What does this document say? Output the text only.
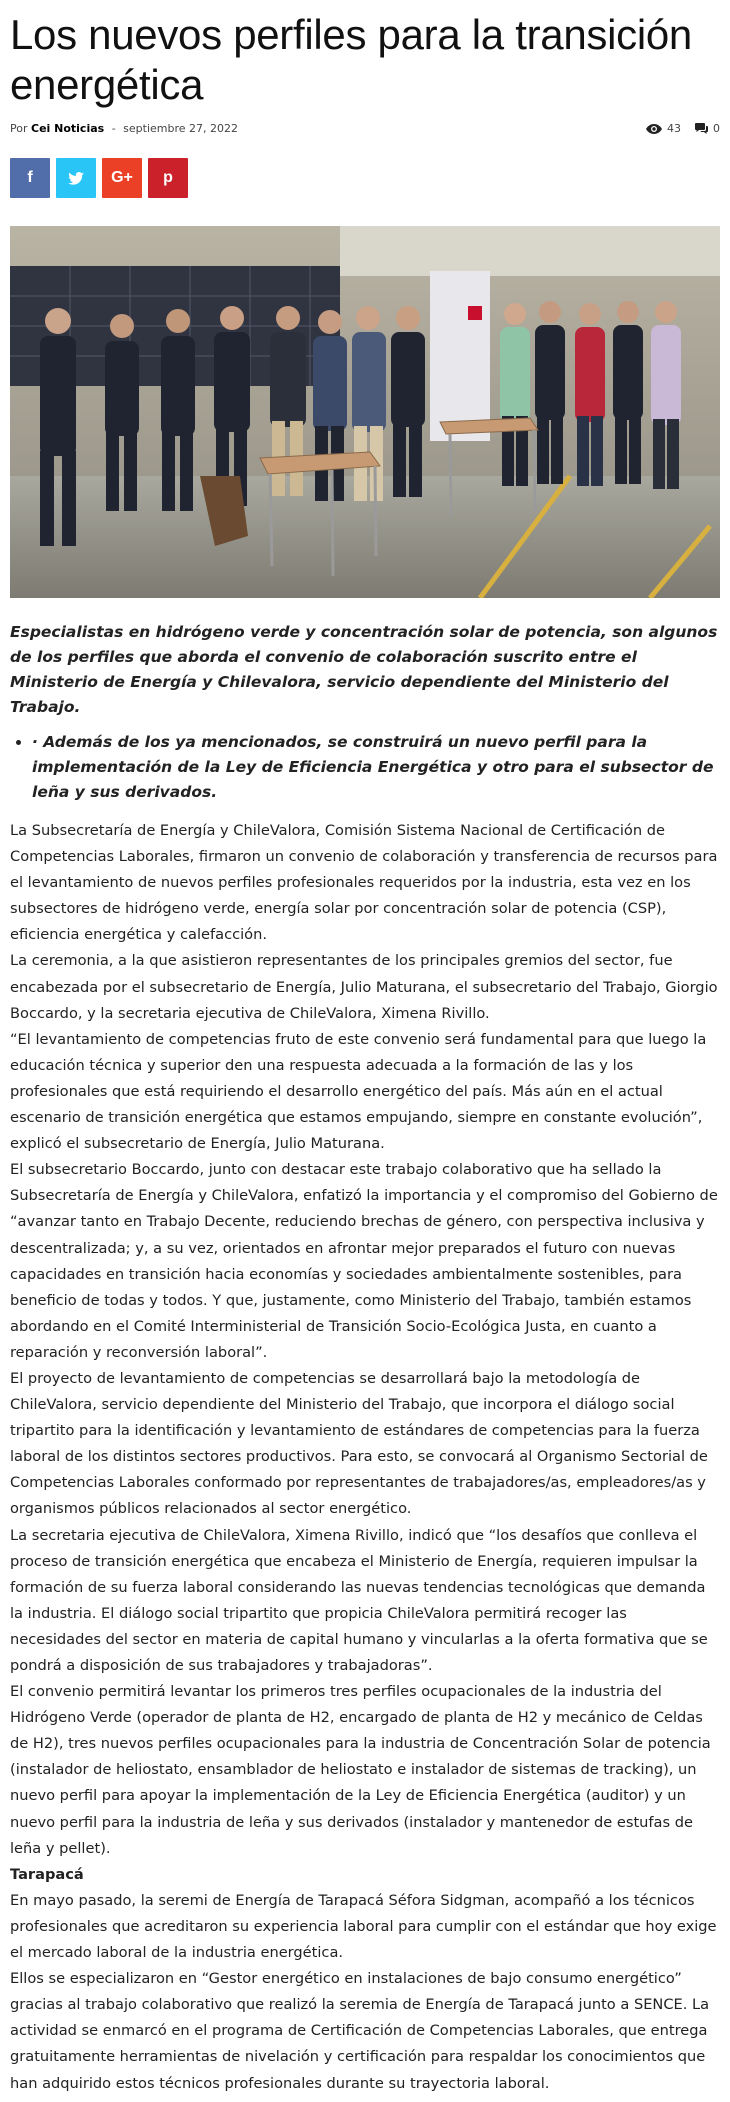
Los nuevos perfiles para la transición energética
Por Cei Noticias - septiembre 27, 2022	43	0
f	G+ p

Especialistas en hidrógeno verde y concentración solar de potencia, son algunos de los perfiles que aborda el convenio de colaboración suscrito entre el Ministerio de Energía y Chilevalora, servicio dependiente del Ministerio del Trabajo.

• · Además de los ya mencionados, se construirá un nuevo perfil para la implementación de la Ley de Eficiencia Energética y otro para el subsector de leña y sus derivados.

La Subsecretaría de Energía y ChileValora, Comisión Sistema Nacional de Certificación de Competencias Laborales, firmaron un convenio de colaboración y transferencia de recursos para el levantamiento de nuevos perfiles profesionales requeridos por la industria, esta vez en los subsectores de hidrógeno verde, energía solar por concentración solar de potencia (CSP), eficiencia energética y calefacción.

La ceremonia, a la que asistieron representantes de los principales gremios del sector, fue encabezada por el subsecretario de Energía, Julio Maturana, el subsecretario del Trabajo, Giorgio Boccardo, y la secretaria ejecutiva de ChileValora, Ximena Rivillo.

“El levantamiento de competencias fruto de este convenio será fundamental para que luego la educación técnica y superior den una respuesta adecuada a la formación de las y los profesionales que está requiriendo el desarrollo energético del país. Más aún en el actual escenario de transición energética que estamos empujando, siempre en constante evolución”, explicó el subsecretario de Energía, Julio Maturana.

El subsecretario Boccardo, junto con destacar este trabajo colaborativo que ha sellado la Subsecretaría de Energía y ChileValora, enfatizó la importancia y el compromiso del Gobierno de “avanzar tanto en Trabajo Decente, reduciendo brechas de género, con perspectiva inclusiva y descentralizada; y, a su vez, orientados en afrontar mejor preparados el futuro con nuevas capacidades en transición hacia economías y sociedades ambientalmente sostenibles, para beneficio de todas y todos. Y que, justamente, como Ministerio del Trabajo, también estamos abordando en el Comité Interministerial de Transición Socio-Ecológica Justa, en cuanto a reparación y reconversión laboral”.

El proyecto de levantamiento de competencias se desarrollará bajo la metodología de ChileValora, servicio dependiente del Ministerio del Trabajo, que incorpora el diálogo social tripartito para la identificación y levantamiento de estándares de competencias para la fuerza laboral de los distintos sectores productivos. Para esto, se convocará al Organismo Sectorial de Competencias Laborales conformado por representantes de trabajadores/as, empleadores/as y organismos públicos relacionados al sector energético.

La secretaria ejecutiva de ChileValora, Ximena Rivillo, indicó que “los desafíos que conlleva el proceso de transición energética que encabeza el Ministerio de Energía, requieren impulsar la formación de su fuerza laboral considerando las nuevas tendencias tecnológicas que demanda la industria. El diálogo social tripartito que propicia ChileValora permitirá recoger las necesidades del sector en materia de capital humano y vincularlas a la oferta formativa que se pondrá a disposición de sus trabajadores y trabajadoras”.

El convenio permitirá levantar los primeros tres perfiles ocupacionales de la industria del Hidrógeno Verde (operador de planta de H2, encargado de planta de H2 y mecánico de Celdas de H2), tres nuevos perfiles ocupacionales para la industria de Concentración Solar de potencia (instalador de heliostato, ensamblador de heliostato e instalador de sistemas de tracking), un nuevo perfil para apoyar la implementación de la Ley de Eficiencia Energética (auditor) y un nuevo perfil para la industria de leña y sus derivados (instalador y mantenedor de estufas de leña y pellet).

Tarapacá

En mayo pasado, la seremi de Energía de Tarapacá Séfora Sidgman, acompañó a los técnicos profesionales que acreditaron su experiencia laboral para cumplir con el estándar que hoy exige el mercado laboral de la industria energética.

Ellos se especializaron en “Gestor energético en instalaciones de bajo consumo energético” gracias al trabajo colaborativo que realizó la seremia de Energía de Tarapacá junto a SENCE. La actividad se enmarcó en el programa de Certificación de Competencias Laborales, que entrega gratuitamente herramientas de nivelación y certificación para respaldar los conocimientos que han adquirido estos técnicos profesionales durante su trayectoria laboral.
